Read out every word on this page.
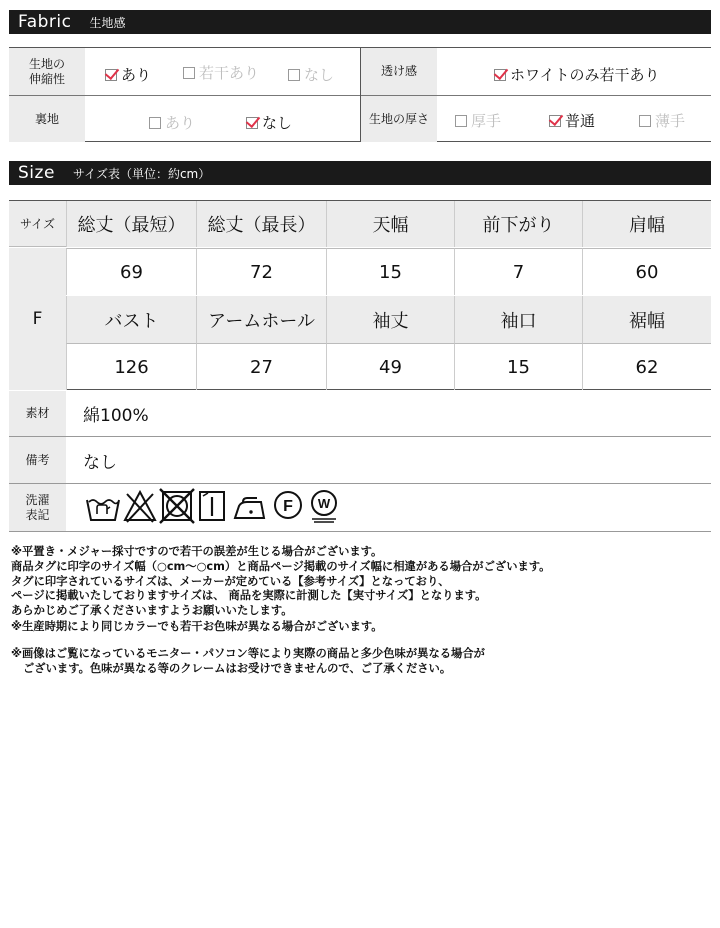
Fabric 生地感
生地の
伸縮性	あり	若干あり	なし	透け感	ホワイトのみ若干あり
裏地	あり	なし	生地の厚さ	厚手	普通	薄手
Size サイズ表（単位：約cm）
サイズ
F
総丈（最短）	総丈（最長）	天幅	前下がり	肩幅
69	72	15	7	60
バスト	アームホール	袖丈	袖口	裾幅
126	27	49	15	62
素材	綿100%
備考	なし
洗濯
表記	F W

※平置き・メジャー採寸ですので若干の誤差が生じる場合がございます。

商品タグに印字のサイズ幅（○cm〜○cm）と商品ページ掲載のサイズ幅に相違がある場合がございます。

タグに印字されているサイズは、メーカーが定めている【参考サイズ】となっており、

ページに掲載いたしておりますサイズは、 商品を実際に計測した【実寸サイズ】となります。

あらかじめご了承くださいますようお願いいたします。

※生産時期により同じカラーでも若干お色味が異なる場合がございます。

※画像はご覧になっているモニター・パソコン等により実際の商品と多少色味が異なる場合が

ございます。色味が異なる等のクレームはお受けできませんので、ご了承ください。
